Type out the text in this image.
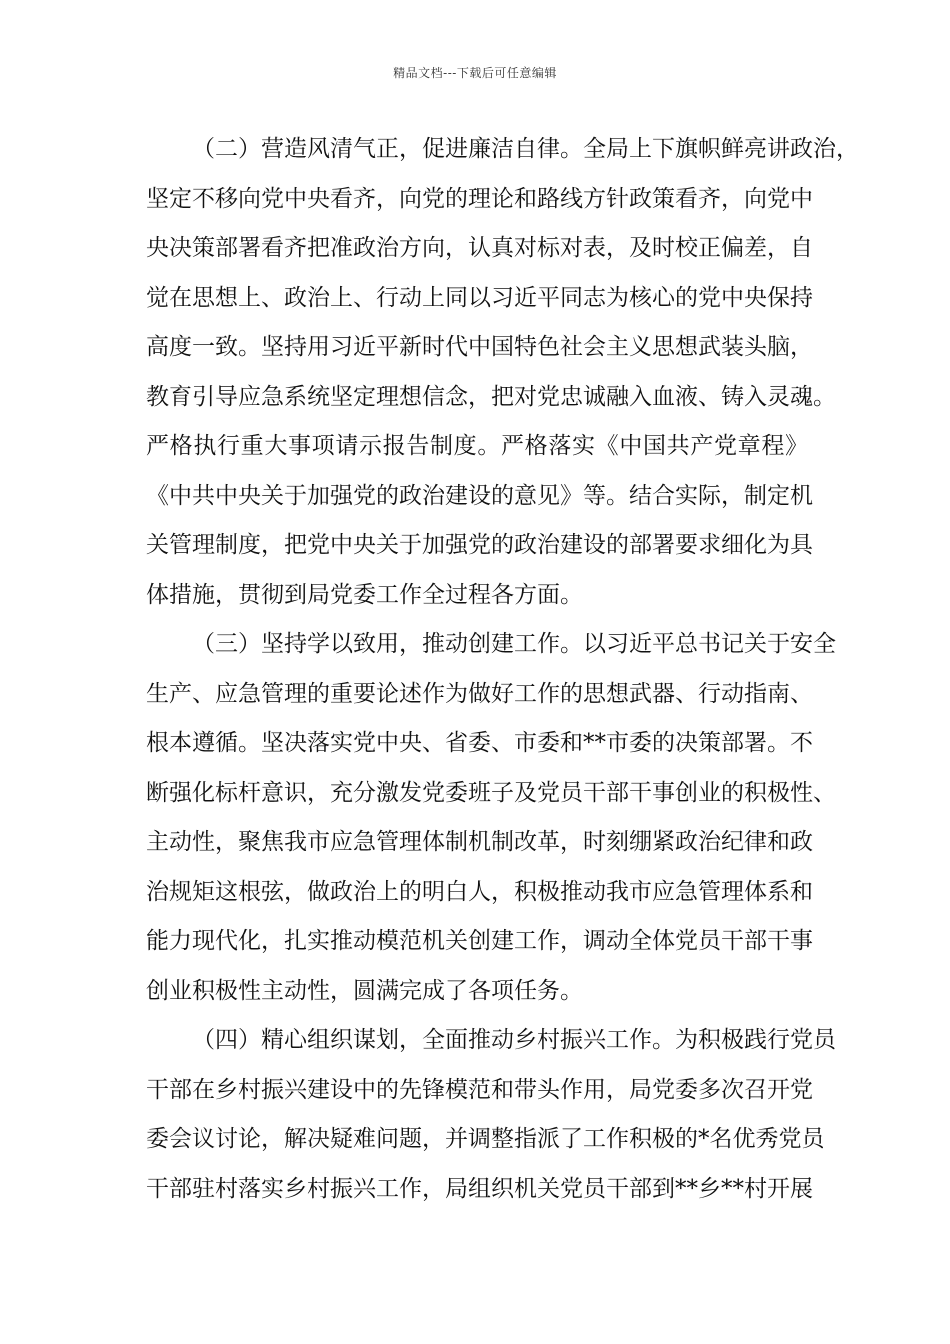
精品文档---下载后可任意编辑
（二）营造风清气正，促进廉洁自律。全局上下旗帜鲜亮讲政治，
坚定不移向党中央看齐，向党的理论和路线方针政策看齐，向党中
央决策部署看齐把准政治方向，认真对标对表，及时校正偏差，自
觉在思想上、政治上、行动上同以习近平同志为核心的党中央保持
高度一致。坚持用习近平新时代中国特色社会主义思想武装头脑，
教育引导应急系统坚定理想信念，把对党忠诚融入血液、铸入灵魂。
严格执行重大事项请示报告制度。严格落实《中国共产党章程》
《中共中央关于加强党的政治建设的意见》等。结合实际，制定机
关管理制度，把党中央关于加强党的政治建设的部署要求细化为具
体措施，贯彻到局党委工作全过程各方面。
（三）坚持学以致用，推动创建工作。以习近平总书记关于安全
生产、应急管理的重要论述作为做好工作的思想武器、行动指南、
根本遵循。坚决落实党中央、省委、市委和**市委的决策部署。不
断强化标杆意识，充分激发党委班子及党员干部干事创业的积极性、
主动性，聚焦我市应急管理体制机制改革，时刻绷紧政治纪律和政
治规矩这根弦，做政治上的明白人，积极推动我市应急管理体系和
能力现代化，扎实推动模范机关创建工作，调动全体党员干部干事
创业积极性主动性，圆满完成了各项任务。
（四）精心组织谋划，全面推动乡村振兴工作。为积极践行党员
干部在乡村振兴建设中的先锋模范和带头作用，局党委多次召开党
委会议讨论，解决疑难问题，并调整指派了工作积极的*名优秀党员
干部驻村落实乡村振兴工作，局组织机关党员干部到**乡**村开展
